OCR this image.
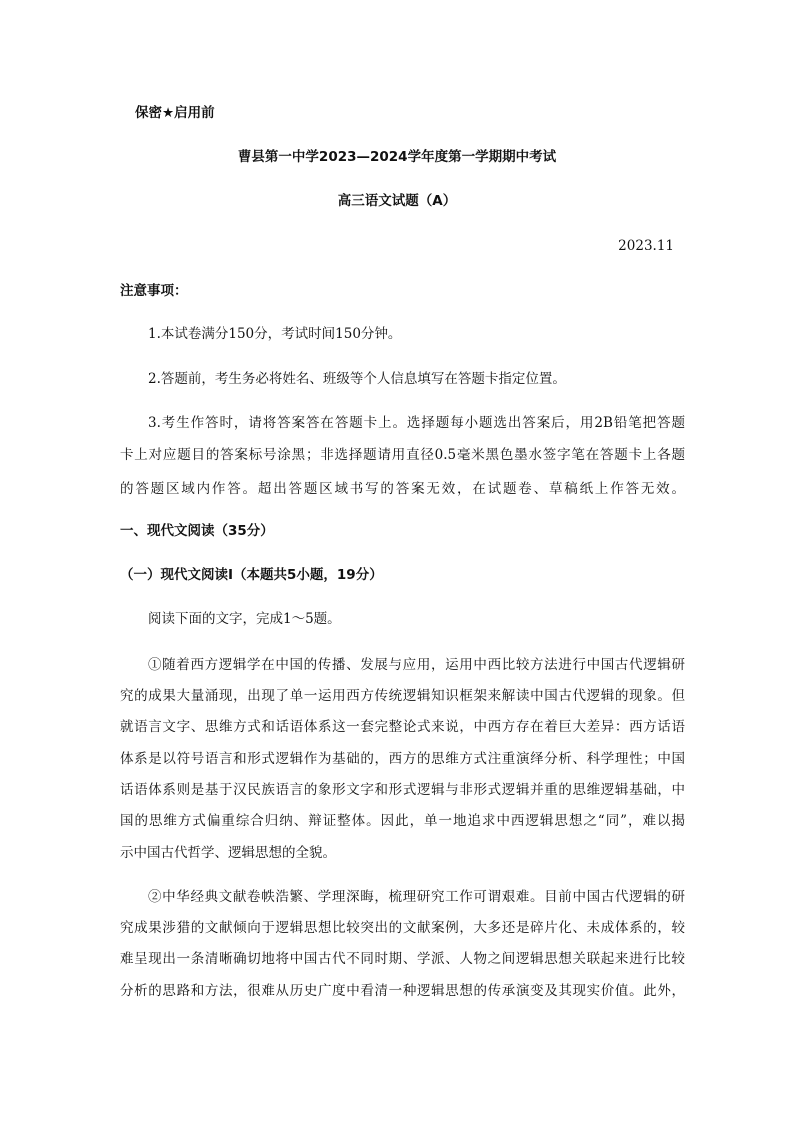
保密★启用前
曹县第一中学2023—2024学年度第一学期期中考试
高三语文试题（A）
2023.11
注意事项：
1.本试卷满分150分，考试时间150分钟。
2.答题前，考生务必将姓名、班级等个人信息填写在答题卡指定位置。
3.考生作答时，请将答案答在答题卡上。选择题每小题选出答案后，用2B铅笔把答题
卡上对应题目的答案标号涂黑；非选择题请用直径0.5毫米黑色墨水签字笔在答题卡上各题
的答题区域内作答。超出答题区域书写的答案无效，在试题卷、草稿纸上作答无效。
一、现代文阅读（35分）
（一）现代文阅读Ⅰ（本题共5小题，19分）
阅读下面的文字，完成1～5题。
①随着西方逻辑学在中国的传播、发展与应用，运用中西比较方法进行中国古代逻辑研
究的成果大量涌现，出现了单一运用西方传统逻辑知识框架来解读中国古代逻辑的现象。但
就语言文字、思维方式和话语体系这一套完整论式来说，中西方存在着巨大差异：西方话语
体系是以符号语言和形式逻辑作为基础的，西方的思维方式注重演绎分析、科学理性；中国
话语体系则是基于汉民族语言的象形文字和形式逻辑与非形式逻辑并重的思维逻辑基础，中
国的思维方式偏重综合归纳、辩证整体。因此，单一地追求中西逻辑思想之“同”，难以揭
示中国古代哲学、逻辑思想的全貌。
②中华经典文献卷帙浩繁、学理深晦，梳理研究工作可谓艰难。目前中国古代逻辑的研
究成果涉猎的文献倾向于逻辑思想比较突出的文献案例，大多还是碎片化、未成体系的，较
难呈现出一条清晰确切地将中国古代不同时期、学派、人物之间逻辑思想关联起来进行比较
分析的思路和方法，很难从历史广度中看清一种逻辑思想的传承演变及其现实价值。此外，
